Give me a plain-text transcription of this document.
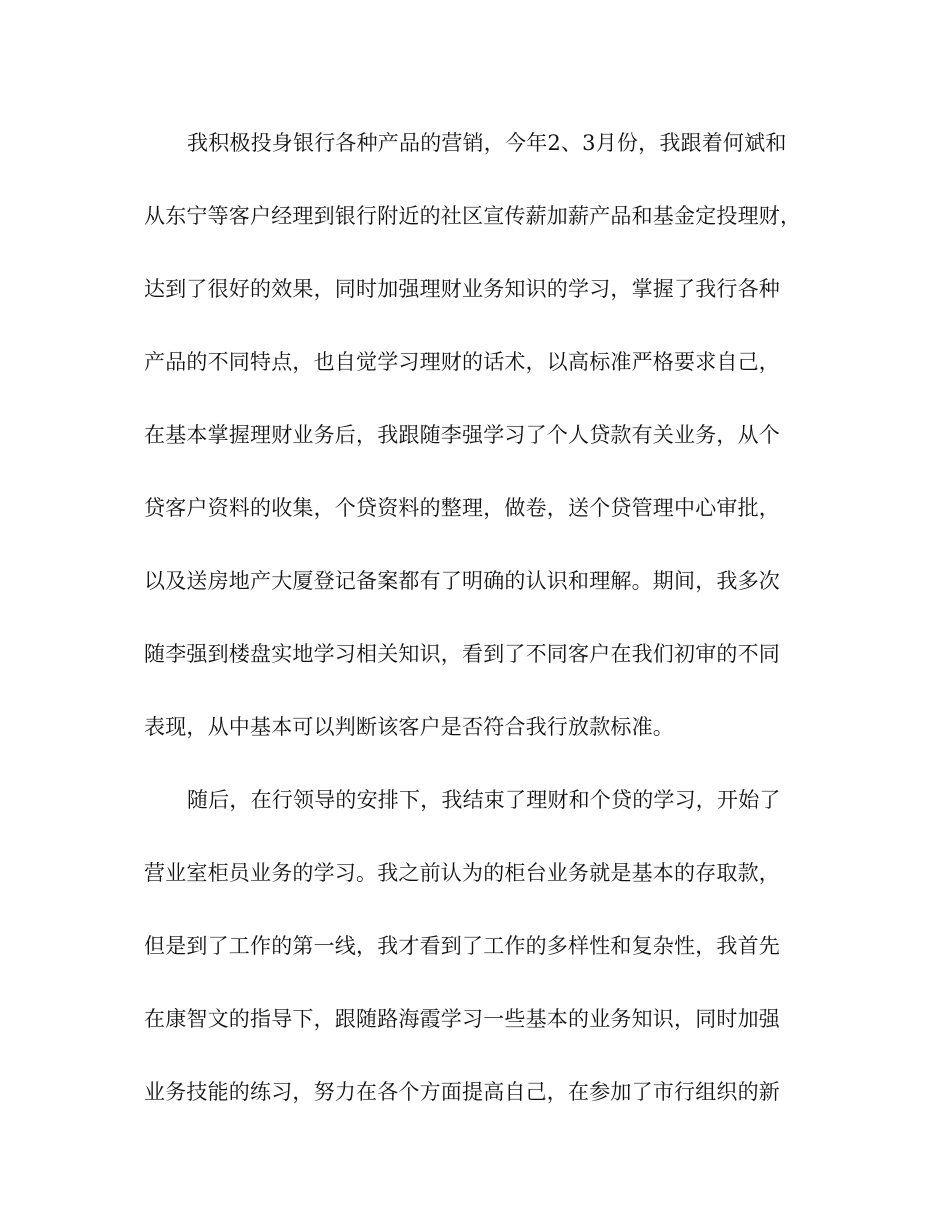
我积极投身银行各种产品的营销，今年2、3月份，我跟着何斌和
从东宁等客户经理到银行附近的社区宣传薪加薪产品和基金定投理财，
达到了很好的效果，同时加强理财业务知识的学习，掌握了我行各种
产品的不同特点，也自觉学习理财的话术，以高标准严格要求自己，
在基本掌握理财业务后，我跟随李强学习了个人贷款有关业务，从个
贷客户资料的收集，个贷资料的整理，做卷，送个贷管理中心审批，
以及送房地产大厦登记备案都有了明确的认识和理解。期间，我多次
随李强到楼盘实地学习相关知识，看到了不同客户在我们初审的不同
表现，从中基本可以判断该客户是否符合我行放款标准。
随后，在行领导的安排下，我结束了理财和个贷的学习，开始了
营业室柜员业务的学习。我之前认为的柜台业务就是基本的存取款，
但是到了工作的第一线，我才看到了工作的多样性和复杂性，我首先
在康智文的指导下，跟随路海霞学习一些基本的业务知识，同时加强
业务技能的练习，努力在各个方面提高自己，在参加了市行组织的新
